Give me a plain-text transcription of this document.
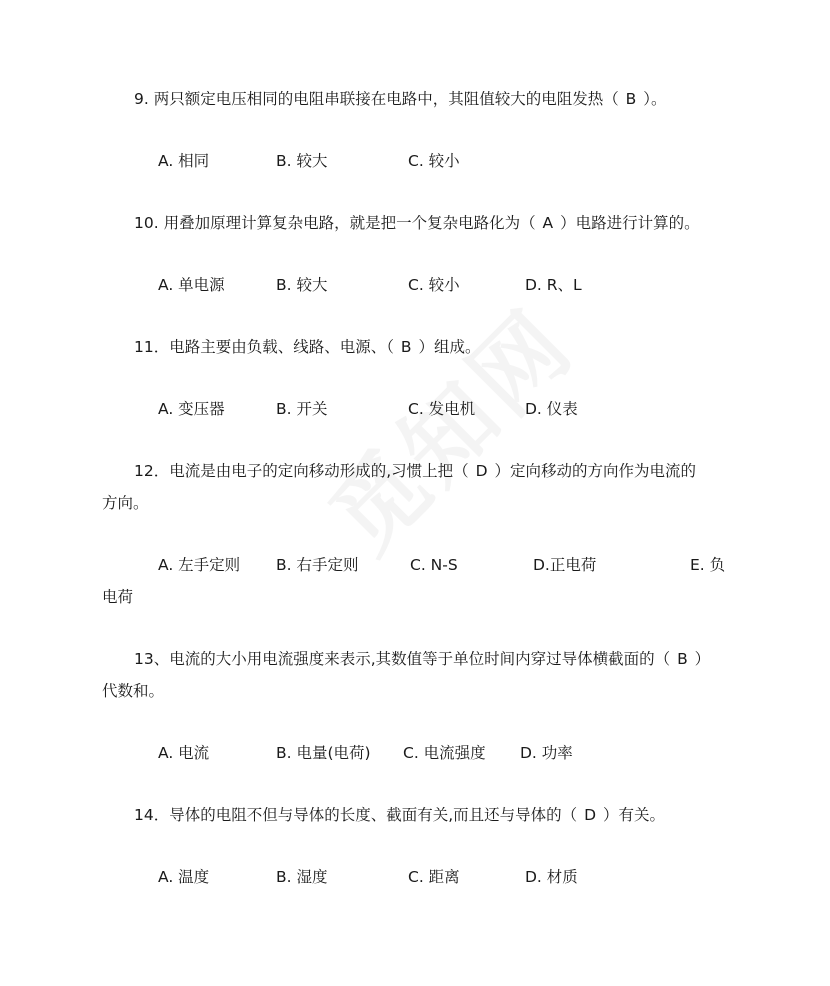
9. 两只额定电压相同的电阻串联接在电路中，其阻值较大的电阻发热（ B ）。
A. 相同	B. 较大	C. 较小
10. 用叠加原理计算复杂电路，就是把一个复杂电路化为（ A ）电路进行计算的。
A. 单电源	B. 较大	C. 较小	D. R、L
11．电路主要由负载、线路、电源、（ B ）组成。
A. 变压器	B. 开关	C. 发电机	D. 仪表
12．电流是由电子的定向移动形成的,习惯上把（ D ）定向移动的方向作为电流的
方向。
A. 左手定则 B. 右手定则	C. N-S	D.正电荷	E. 负
电荷
13、电流的大小用电流强度来表示,其数值等于单位时间内穿过导体横截面的（ B ）
代数和。
A. 电流	B. 电量(电荷) C. 电流强度 D. 功率
14．导体的电阻不但与导体的长度、截面有关,而且还与导体的（ D ）有关。
A. 温度	B. 湿度	C. 距离	D. 材质
